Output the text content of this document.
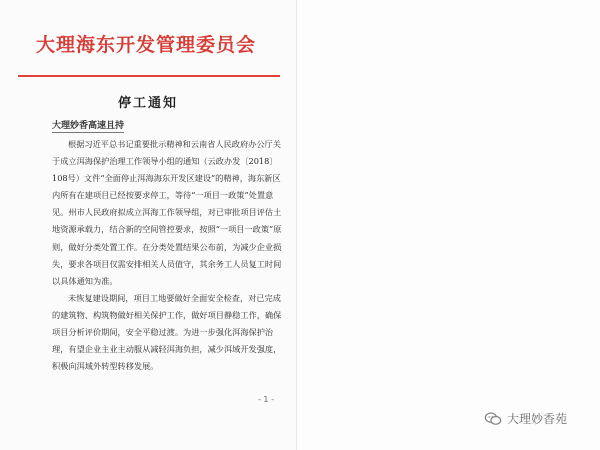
大理海东开发管理委员会
停工通知
大理妙香高速且持

根据习近平总书记重要批示精神和云南省人民政府办公厅关于成立洱海保护治理工作领导小组的通知（云政办发〔2018〕108号）文件“全面停止洱海海东开发区建设”的精神，海东新区内所有在建项目已经按要求停工，等待“一项目一政策”处置意见。州市人民政府拟成立洱海工作领导组，对已审批项目评估土地资源承载力，结合新的空间管控要求，按照“一项目一政策”原则，做好分类处置工作。在分类处置结果公布前，为减少企业损失，要求各项目仅需安排相关人员值守，其余务工人员复工时间以具体通知为准。

未恢复建设期间，项目工地要做好全面安全检查，对已完成的建筑物、构筑物做好相关保护工作，做好项目静稳工作，确保项目分析评价期间，安全平稳过渡。为进一步强化洱海保护治理，有望企业主业主动服从减轻洱海负担，减少洱域开发强度，积极向洱域外转型转移发展。

- 1 -
大理妙香苑
